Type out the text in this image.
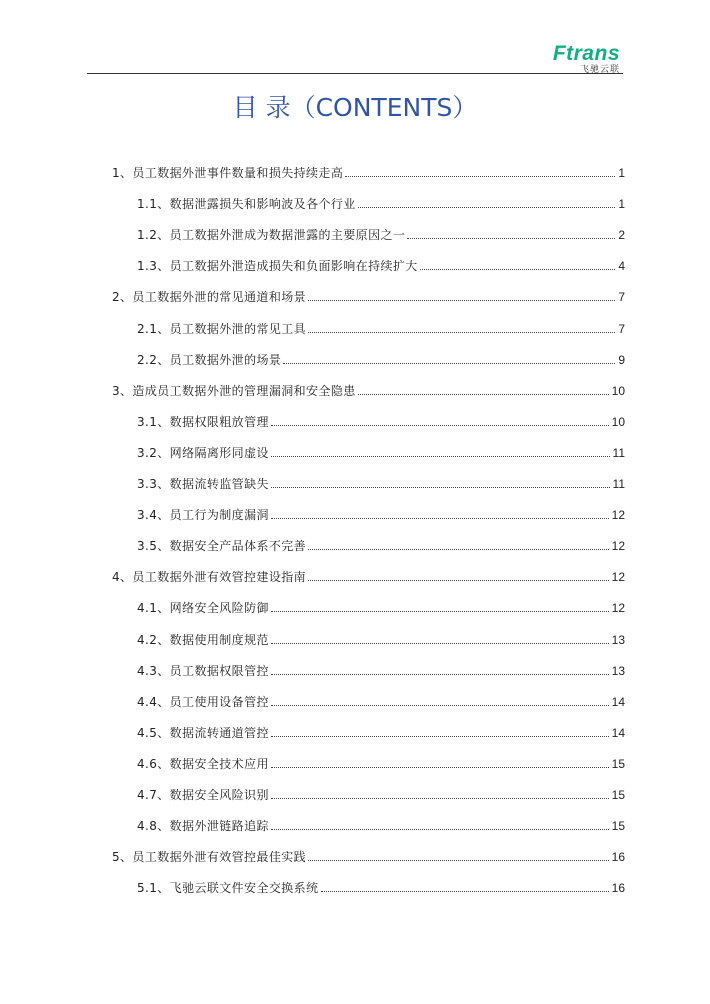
Ftrans
飞驰云联
目 录（CONTENTS）
1、员工数据外泄事件数量和损失持续走高	1
1.1、数据泄露损失和影响波及各个行业	1
1.2、员工数据外泄成为数据泄露的主要原因之一	2
1.3、员工数据外泄造成损失和负面影响在持续扩大	4
2、员工数据外泄的常见通道和场景	7
2.1、员工数据外泄的常见工具	7
2.2、员工数据外泄的场景	9
3、造成员工数据外泄的管理漏洞和安全隐患	10
3.1、数据权限粗放管理	10
3.2、网络隔离形同虚设	11
3.3、数据流转监管缺失	11
3.4、员工行为制度漏洞	12
3.5、数据安全产品体系不完善	12
4、员工数据外泄有效管控建设指南	12
4.1、网络安全风险防御	12
4.2、数据使用制度规范	13
4.3、员工数据权限管控	13
4.4、员工使用设备管控	14
4.5、数据流转通道管控	14
4.6、数据安全技术应用	15
4.7、数据安全风险识别	15
4.8、数据外泄链路追踪	15
5、员工数据外泄有效管控最佳实践	16
5.1、飞驰云联文件安全交换系统	16
